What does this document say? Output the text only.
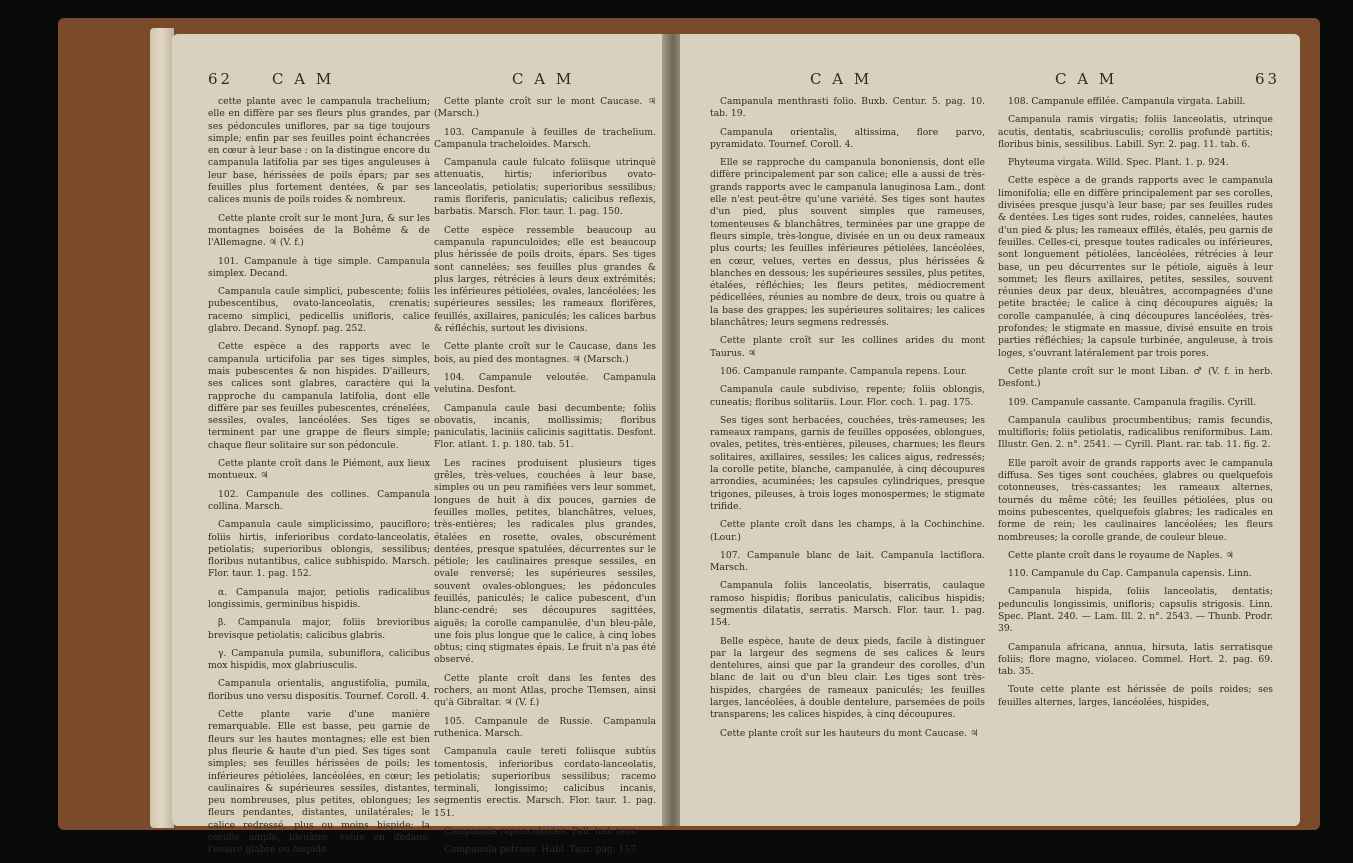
62	C A M	C A M

cette plante avec le campanula trachelium; elle en diffère par ses fleurs plus grandes, par ses pédoncules uniflores, par sa tige toujours simple; enfin par ses feuilles point échancrées en cœur à leur base : on la distingue encore du campanula latifolia par ses tiges anguleuses à leur base, hérissées de poils épars; par ses feuilles plus fortement dentées, & par ses calices munis de poils roides & nombreux.

Cette plante croît sur le mont Jura, & sur les montagnes boisées de la Bohême & de l'Allemagne. ♃ (V. f.)

101. Campanule à tige simple. Campanula simplex. Decand.

Campanula caule simplici, pubescente; foliis pubescentibus, ovato-lanceolatis, crenatis; racemo simplici, pedicellis unifloris, calice glabro. Decand. Synopf. pag. 252.

Cette espèce a des rapports avec le campanula urticifolia par ses tiges simples, mais pubescentes & non hispides. D'ailleurs, ses calices sont glabres, caractère qui la rapproche du campanula latifolia, dont elle diffère par ses feuilles pubescentes, crénelées, sessiles, ovales, lancéolées. Ses tiges se terminent par une grappe de fleurs simple; chaque fleur solitaire sur son pédoncule.

Cette plante croît dans le Piémont, aux lieux montueux. ♃

102. Campanule des collines. Campanula collina. Marsch.

Campanula caule simplicissimo, paucifloro; foliis hirtis, inferioribus cordato-lanceolatis, petiolatis; superioribus oblongis, sessilibus; floribus nutantibus, calice subhispido. Marsch. Flor. taur. 1. pag. 152.

α. Campanula major, petiolis radicalibus longissimis, germinibus hispidis.

β. Campanula major, foliis brevioribus brevisque petiolatis; calicibus glabris.

γ. Campanula pumila, subuniflora, calicibus mox hispidis, mox glabriusculis.

Campanula orientalis, angustifolia, pumila, floribus uno versu dispositis. Tournef. Coroll. 4.

Cette plante varie d'une manière remarquable. Elle est basse, peu garnie de fleurs sur les hautes montagnes; elle est bien plus fleurie & haute d'un pied. Ses tiges sont simples; ses feuilles hérissées de poils; les inférieures pétiolées, lancéolées, en cœur; les caulinaires & supérieures sessiles, distantes, peu nombreuses, plus petites, oblongues; les fleurs pendantes, distantes, unilatérales; le calice redressé, plus ou moins hispide; la corolle ample, bleuâtre, velue en dedans; l'ovaire glabre ou hispide.

Cette plante croît sur le mont Caucase. ♃ (Marsch.)

103. Campanule à feuilles de trachelium. Campanula tracheloides. Marsch.

Campanula caule fulcato foliisque utrinquè attenuatis, hirtis; inferioribus ovato-lanceolatis, petiolatis; superioribus sessilibus; ramis floriferis, paniculatis; calicibus reflexis, barbatis. Marsch. Flor. taur. 1. pag. 150.

Cette espèce ressemble beaucoup au campanula rapunculoides; elle est beaucoup plus hérissée de poils droits, épars. Ses tiges sont cannelées; ses feuilles plus grandes & plus larges, rétrécies à leurs deux extrémités; les inférieures pétiolées, ovales, lancéolées; les supérieures sessiles; les rameaux florifères, feuillés, axillaires, paniculés; les calices barbus & réfléchis, surtout les divisions.

Cette plante croît sur le Caucase, dans les bois, au pied des montagnes. ♃ (Marsch.)

104. Campanule veloutée. Campanula velutina. Desfont.

Campanula caule basi decumbente; foliis obovatis, incanis, mollissimis; floribus paniculatis, laciniis calicinis sagittatis. Desfont. Flor. atlant. 1. p. 180. tab. 51.

Les racines produisent plusieurs tiges grêles, très-velues, couchées à leur base, simples ou un peu ramifiées vers leur sommet, longues de huit à dix pouces, garnies de feuilles molles, petites, blanchâtres, velues, très-entières; les radicales plus grandes, étalées en rosette, ovales, obscurément dentées, presque spatulées, décurrentes sur le pétiole; les caulinaires presque sessiles, en ovale renversé; les supérieures sessiles, souvent ovales-oblongues; les pédoncules feuillés, paniculés; le calice pubescent, d'un blanc-cendré; ses découpures sagittées, aiguës; la corolle campanulée, d'un bleu-pâle, une fois plus longue que le calice, à cinq lobes obtus; cinq stigmates épais. Le fruit n'a pas été observé.

Cette plante croît dans les fentes des rochers, au mont Atlas, proche Tlemsen, ainsi qu'à Gibraltar. ♃ (V. f.)

105. Campanule de Russie. Campanula ruthenica. Marsch.

Campanula caule tereti foliisque subtùs tomentosis, inferioribus cordato-lanceolatis, petiolatis; superioribus sessilibus; racemo terminali, longissimo; calicibus incanis, segmentis erectis. Marsch. Flor. taur. 1. pag. 151.

Campanula rapunculoides. Pall. Ind. taur.

Campanula petraea. Habl. Taur. pag. 157.

C A M	C A M	63

Campanula menthrasti folio. Buxb. Centur. 5. pag. 10. tab. 19.

Campanula orientalis, altissima, flore parvo, pyramidato. Tournef. Coroll. 4.

Elle se rapproche du campanula bononiensis, dont elle diffère principalement par son calice; elle a aussi de très-grands rapports avec le campanula lanuginosa Lam., dont elle n'est peut-être qu'une variété. Ses tiges sont hautes d'un pied, plus souvent simples que rameuses, tomenteuses & blanchâtres, terminées par une grappe de fleurs simple, très-longue, divisée en un ou deux rameaux plus courts; les feuilles inférieures pétiolées, lancéolées, en cœur, velues, vertes en dessus, plus hérissées & blanches en dessous; les supérieures sessiles, plus petites, étalées, réfléchies; les fleurs petites, médiocrement pédicellées, réunies au nombre de deux, trois ou quatre à la base des grappes; les supérieures solitaires; les calices blanchâtres; leurs segmens redressés.

Cette plante croît sur les collines arides du mont Taurus. ♃

106. Campanule rampante. Campanula repens. Lour.

Campanula caule subdiviso, repente; foliis oblongis, cuneatis; floribus solitariis. Lour. Flor. coch. 1. pag. 175.

Ses tiges sont herbacées, couchées, très-rameuses; les rameaux rampans, garnis de feuilles opposées, oblongues, ovales, petites, très-entières, pileuses, charnues; les fleurs solitaires, axillaires, sessiles; les calices aigus, redressés; la corolle petite, blanche, campanulée, à cinq découpures arrondies, acuminées; les capsules cylindriques, presque trigones, pileuses, à trois loges monospermes; le stigmate trifide.

Cette plante croît dans les champs, à la Cochinchine. (Lour.)

107. Campanule blanc de lait. Campanula lactiflora. Marsch.

Campanula foliis lanceolatis, biserratis, caulaque ramoso hispidis; floribus paniculatis, calicibus hispidis; segmentis dilatatis, serratis. Marsch. Flor. taur. 1. pag. 154.

Belle espèce, haute de deux pieds, facile à distinguer par la largeur des segmens de ses calices & leurs dentelures, ainsi que par la grandeur des corolles, d'un blanc de lait ou d'un bleu clair. Les tiges sont très-hispides, chargées de rameaux paniculés; les feuilles larges, lancéolées, à double dentelure, parsemées de poils transparens; les calices hispides, à cinq découpures.

Cette plante croît sur les hauteurs du mont Caucase. ♃

108. Campanule effilée. Campanula virgata. Labill.

Campanula ramis virgatis; foliis lanceolatis, utrinque acutis, dentatis, scabriusculis; corollis profundè partitis; floribus binis, sessilibus. Labill. Syr. 2. pag. 11. tab. 6.

Phyteuma virgata. Willd. Spec. Plant. 1. p. 924.

Cette espèce a de grands rapports avec le campanula limonifolia; elle en diffère principalement par ses corolles, divisées presque jusqu'à leur base; par ses feuilles rudes & dentées. Les tiges sont rudes, roides, cannelées, hautes d'un pied & plus; les rameaux effilés, étalés, peu garnis de feuilles. Celles-ci, presque toutes radicales ou inférieures, sont longuement pétiolées, lancéolées, rétrécies à leur base, un peu décurrentes sur le pétiole, aiguës à leur sommet; les fleurs axillaires, petites, sessiles, souvent réunies deux par deux, bleuâtres, accompagnées d'une petite bractée; le calice à cinq découpures aiguës; la corolle campanulée, à cinq découpures lancéolées, très-profondes; le stigmate en massue, divisé ensuite en trois parties réfléchies; la capsule turbinée, anguleuse, à trois loges, s'ouvrant latéralement par trois pores.

Cette plante croît sur le mont Liban. ♂ (V. f. in herb. Desfont.)

109. Campanule cassante. Campanula fragilis. Cyrill.

Campanula caulibus procumbentibus; ramis fecundis, multifloris; foliis petiolatis, radicalibus reniformibus. Lam. Illustr. Gen. 2. n°. 2541. — Cyrill. Plant. rar. tab. 11. fig. 2.

Elle paroît avoir de grands rapports avec le campanula diffusa. Ses tiges sont couchées, glabres ou quelquefois cotonneuses, très-cassantes; les rameaux alternes, tournés du même côté; les feuilles pétiolées, plus ou moins pubescentes, quelquefois glabres; les radicales en forme de rein; les caulinaires lancéolées; les fleurs nombreuses; la corolle grande, de couleur bleue.

Cette plante croît dans le royaume de Naples. ♃

110. Campanule du Cap. Campanula capensis. Linn.

Campanula hispida, foliis lanceolatis, dentatis; pedunculis longissimis, unifloris; capsulis strigosis. Linn. Spec. Plant. 240. — Lam. Ill. 2. n°. 2543. — Thunb. Prodr. 39.

Campanula africana, annua, hirsuta, latis serratisque foliis; flore magno, violaceo. Commel. Hort. 2. pag. 69. tab. 35.

Toute cette plante est hérissée de poils roides; ses feuilles alternes, larges, lancéolées, hispides,
